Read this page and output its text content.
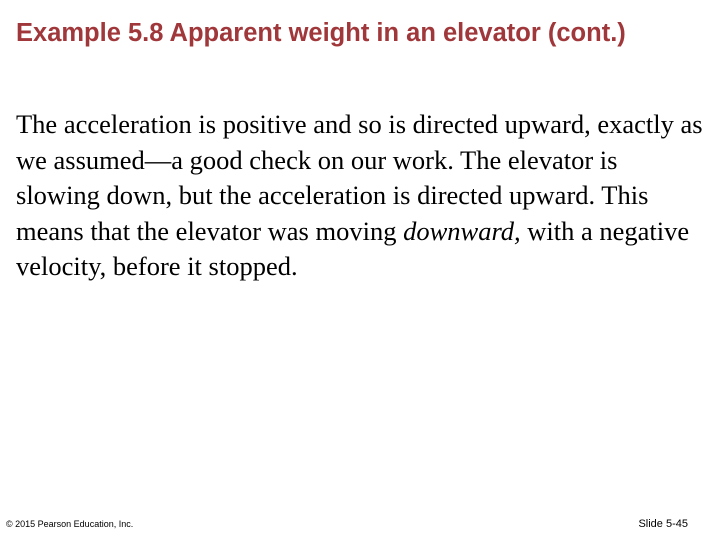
Example 5.8 Apparent weight in an elevator (cont.)

The acceleration is positive and so is directed upward, exactly as we assumed—a good check on our work. The elevator is slowing down, but the acceleration is directed upward. This means that the elevator was moving downward, with a negative velocity, before it stopped.

© 2015 Pearson Education, Inc.	Slide 5-45
